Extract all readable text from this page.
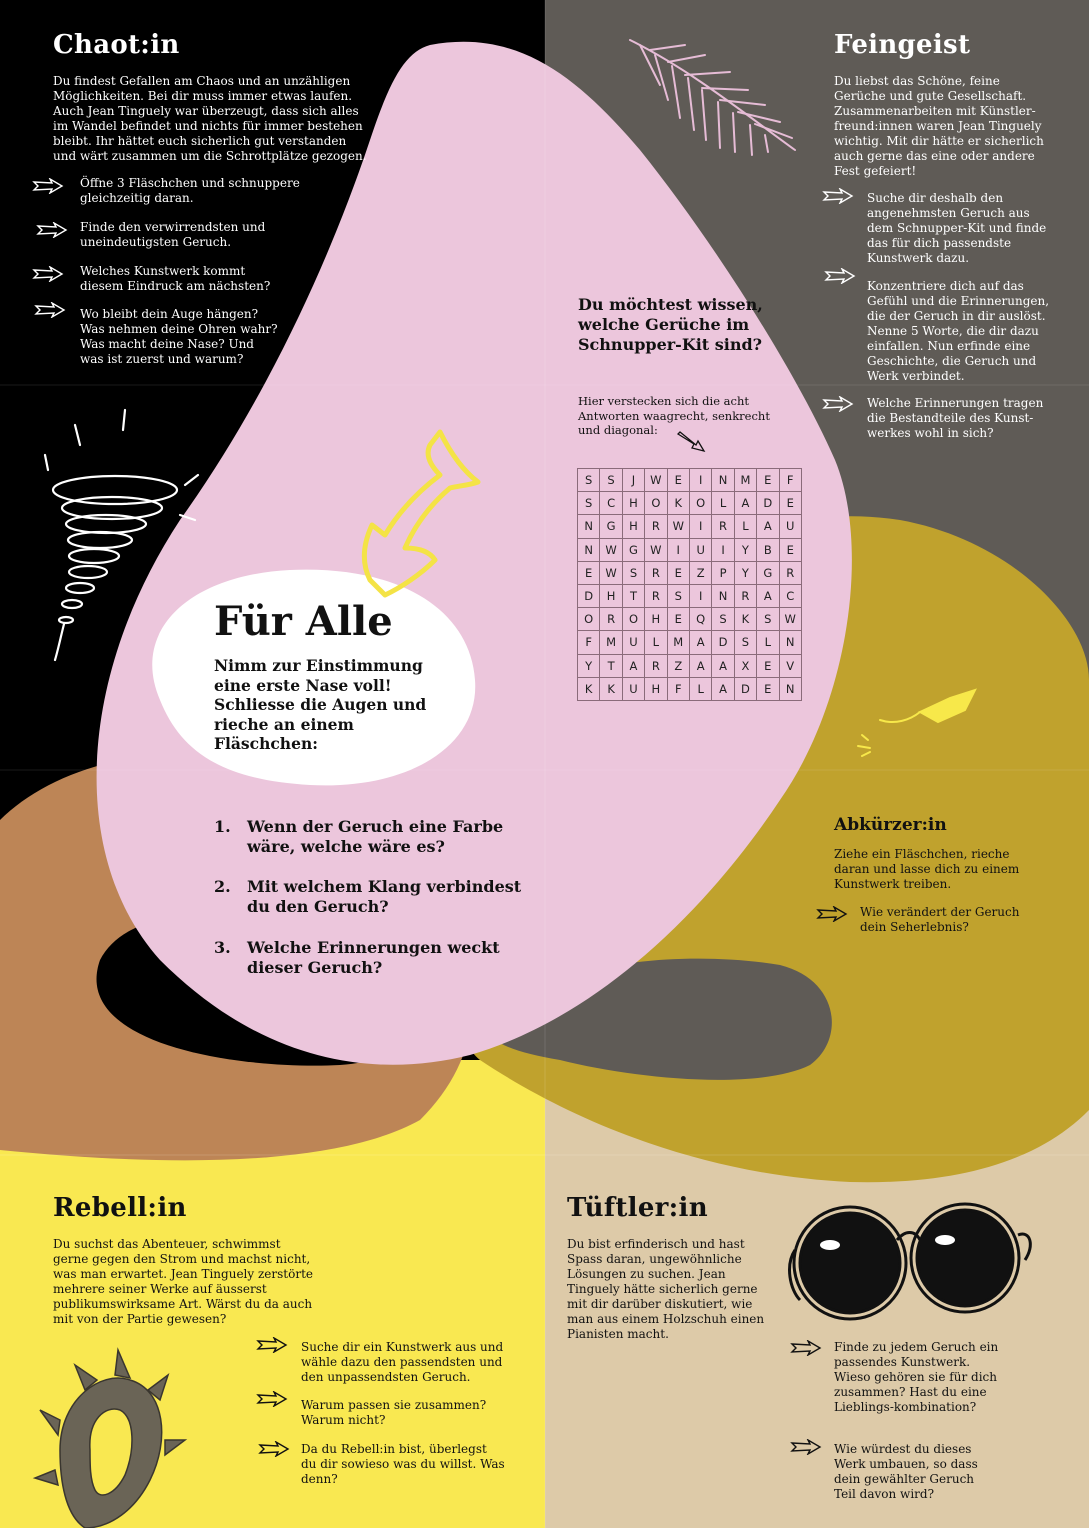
Chaot:in

Du findest Gefallen am Chaos und an unzähligen Möglichkeiten. Bei dir muss immer etwas laufen. Auch Jean Tinguely war überzeugt, dass sich alles im Wandel befindet und nichts für immer bestehen bleibt. Ihr hättet euch sicherlich gut verstanden und wärt zusammen um die Schrottplätze gezogen.

Öffne 3 Fläschchen und schnuppere gleichzeitig daran.
Finde den verwirrendsten und uneindeutigsten Geruch.
Welches Kunstwerk kommt diesem Eindruck am nächsten?
Wo bleibt dein Auge hängen? Was nehmen deine Ohren wahr? Was macht deine Nase? Und was ist zuerst und warum?
Feingeist

Du liebst das Schöne, feine Gerüche und gute Gesellschaft. Zusammenarbeiten mit Künstler-freund:innen waren Jean Tinguely wichtig. Mit dir hätte er sicherlich auch gerne das eine oder andere Fest gefeiert!

Suche dir deshalb den angenehmsten Geruch aus dem Schnupper-Kit und finde das für dich passendste Kunstwerk dazu.
Konzentriere dich auf das Gefühl und die Erinnerungen, die der Geruch in dir auslöst. Nenne 5 Worte, die dir dazu einfallen. Nun erfinde eine Geschichte, die Geruch und Werk verbindet.
Welche Erinnerungen tragen die Bestandteile des Kunst-werkes wohl in sich?
Du möchtest wissen, welche Gerüche im Schnupper-Kit sind?
Hier verstecken sich die acht Antworten waagrecht, senkrecht und diagonal:
S	S	J	W	E	I	N	M	E	F
S	C	H	O	K	O	L	A	D	E
N	G	H	R	W	I	R	L	A	U
N	W	G	W	I	U	I	Y	B	E
E	W	S	R	E	Z	P	Y	G	R
D	H	T	R	S	I	N	R	A	C
O	R	O	H	E	Q	S	K	S	W
F	M	U	L	M	A	D	S	L	N
Y	T	A	R	Z	A	A	X	E	V
K	K	U	H	F	L	A	D	E	N
Für Alle
Nimm zur Einstimmung eine erste Nase voll! Schliesse die Augen und rieche an einem Fläschchen:
1. Wenn der Geruch eine Farbe wäre, welche wäre es?
2. Mit welchem Klang verbindest du den Geruch?
3. Welche Erinnerungen weckt dieser Geruch?
Abkürzer:in

Ziehe ein Fläschchen, rieche daran und lasse dich zu einem Kunstwerk treiben.

Wie verändert der Geruch dein Seherlebnis?
Rebell:in

Du suchst das Abenteuer, schwimmst gerne gegen den Strom und machst nicht, was man erwartet. Jean Tinguely zerstörte mehrere seiner Werke auf äusserst publikumswirksame Art. Wärst du da auch mit von der Partie gewesen?

Suche dir ein Kunstwerk aus und wähle dazu den passendsten und den unpassendsten Geruch.
Warum passen sie zusammen? Warum nicht?
Da du Rebell:in bist, überlegst du dir sowieso was du willst. Was denn?
Tüftler:in

Du bist erfinderisch und hast Spass daran, ungewöhnliche Lösungen zu suchen. Jean Tinguely hätte sicherlich gerne mit dir darüber diskutiert, wie man aus einem Holzschuh einen Pianisten macht.

Finde zu jedem Geruch ein passendes Kunstwerk. Wieso gehören sie für dich zusammen? Hast du eine Lieblings-kombination?
Wie würdest du dieses Werk umbauen, so dass dein gewählter Geruch Teil davon wird?
